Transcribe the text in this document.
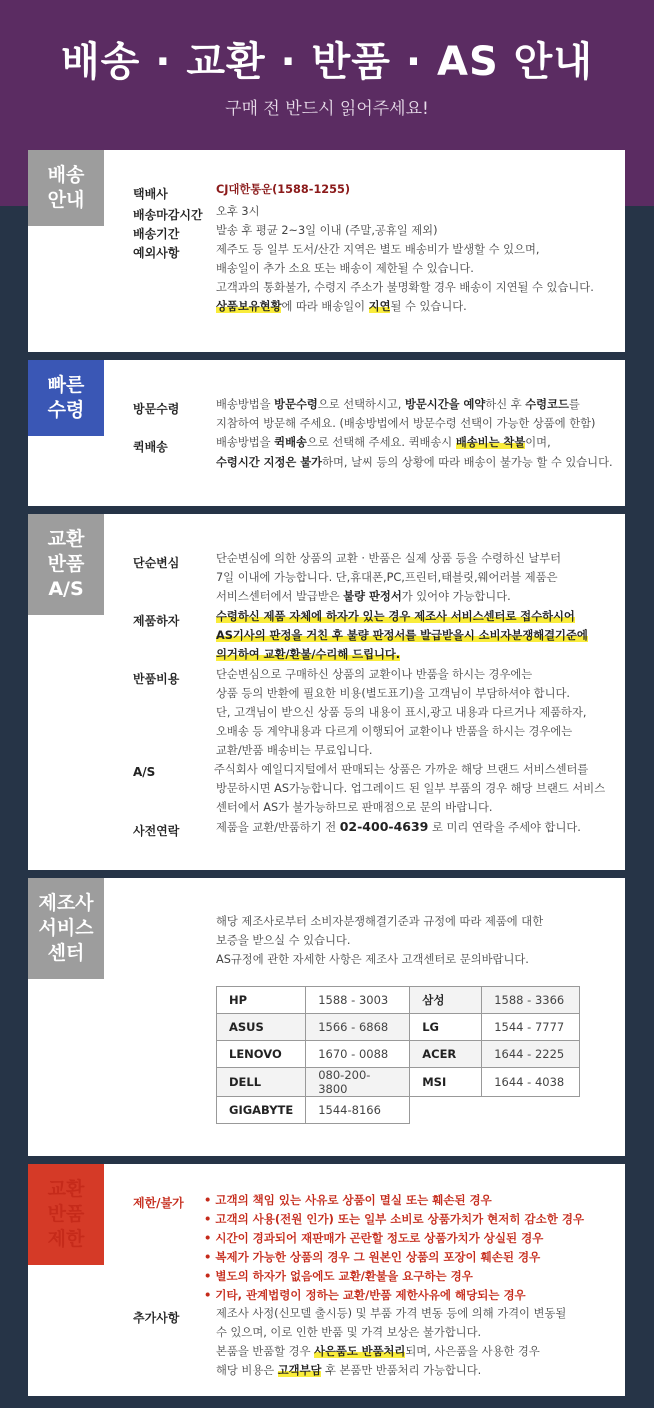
배송 · 교환 · 반품 · AS 안내
구매 전 반드시 읽어주세요!
배송
안내	택배사	CJ대한통운(1588-1255)
배송마감시간 오후 3시
배송기간	발송 후 평균 2~3일 이내 (주말,공휴일 제외)
예외사항	제주도 등 일부 도서/산간 지역은 별도 배송비가 발생할 수 있으며,
배송일이 추가 소요 또는 배송이 제한될 수 있습니다.
고객과의 통화불가, 수령지 주소가 불명확할 경우 배송이 지연될 수 있습니다.
상품보유현황에 따라 배송일이 지연될 수 있습니다.
빠른
수령	방문수령	배송방법을 방문수령으로 선택하시고, 방문시간을 예약하신 후 수령코드를
지참하여 방문해 주세요. (배송방법에서 방문수령 선택이 가능한 상품에 한함)
퀵배송	배송방법을 퀵배송으로 선택해 주세요. 퀵배송시 배송비는 착불이며,
수령시간 지정은 불가하며, 날씨 등의 상황에 따라 배송이 불가능 할 수 있습니다.
교환
반품
A/S
단순변심	단순변심에 의한 상품의 교환 · 반품은 실제 상품 등을 수령하신 날부터
7일 이내에 가능합니다. 단,휴대폰,PC,프린터,태블릿,웨어러블 제품은
서비스센터에서 발급받은 불량 판정서가 있어야 가능합니다.
제품하자	수령하신 제품 자체에 하자가 있는 경우 제조사 서비스센터로 접수하시어
AS기사의 판정을 거친 후 불량 판정서를 발급받을시 소비자분쟁해결기준에
의거하여 교환/환불/수리해 드립니다.
반품비용	단순변심으로 구매하신 상품의 교환이나 반품을 하시는 경우에는
상품 등의 반환에 필요한 비용(별도표기)을 고객님이 부담하셔야 합니다.
단, 고객님이 받으신 상품 등의 내용이 표시,광고 내용과 다르거나 제품하자,
오배송 등 계약내용과 다르게 이행되어 교환이나 반품을 하시는 경우에는
교환/반품 배송비는 무료입니다.
A/S	주식회사 예일디지털에서 판매되는 상품은 가까운 해당 브랜드 서비스센터를
방문하시면 AS가능합니다. 업그레이드 된 일부 부품의 경우 해당 브랜드 서비스
센터에서 AS가 불가능하므로 판매점으로 문의 바랍니다.
사전연락	제품을 교환/반품하기 전 02-400-4639 로 미리 연락을 주세야 합니다.
제조사
서비스
센터
해당 제조사로부터 소비자분쟁해결기준과 규정에 따라 제품에 대한
보증을 받으실 수 있습니다.
AS규정에 관한 자세한 사항은 제조사 고객센터로 문의바랍니다.
HP	1588 - 3003	삼성	1588 - 3366
ASUS	1566 - 6868	LG	1544 - 7777
LENOVO	1670 - 0088	ACER	1644 - 2225
DELL	080-200-3800	MSI	1644 - 4038
GIGABYTE	1544-8166		
교환
반품
제한
제한/불가 • 고객의 책임 있는 사유로 상품이 멸실 또는 훼손된 경우
• 고객의 사용(전원 인가) 또는 일부 소비로 상품가치가 현저히 감소한 경우
• 시간이 경과되어 재판매가 곤란할 정도로 상품가치가 상실된 경우
• 복제가 가능한 상품의 경우 그 원본인 상품의 포장이 훼손된 경우
• 별도의 하자가 없음에도 교환/환불을 요구하는 경우
• 기타, 관계법령이 정하는 교환/반품 제한사유에 해당되는 경우
추가사항	제조사 사정(신모델 출시등) 및 부품 가격 변동 등에 의해 가격이 변동될
수 있으며, 이로 인한 반품 및 가격 보상은 불가합니다.
본품을 반품할 경우 사은품도 반품처리되며, 사은품을 사용한 경우
해당 비용은 고객부담 후 본품만 반품처리 가능합니다.
